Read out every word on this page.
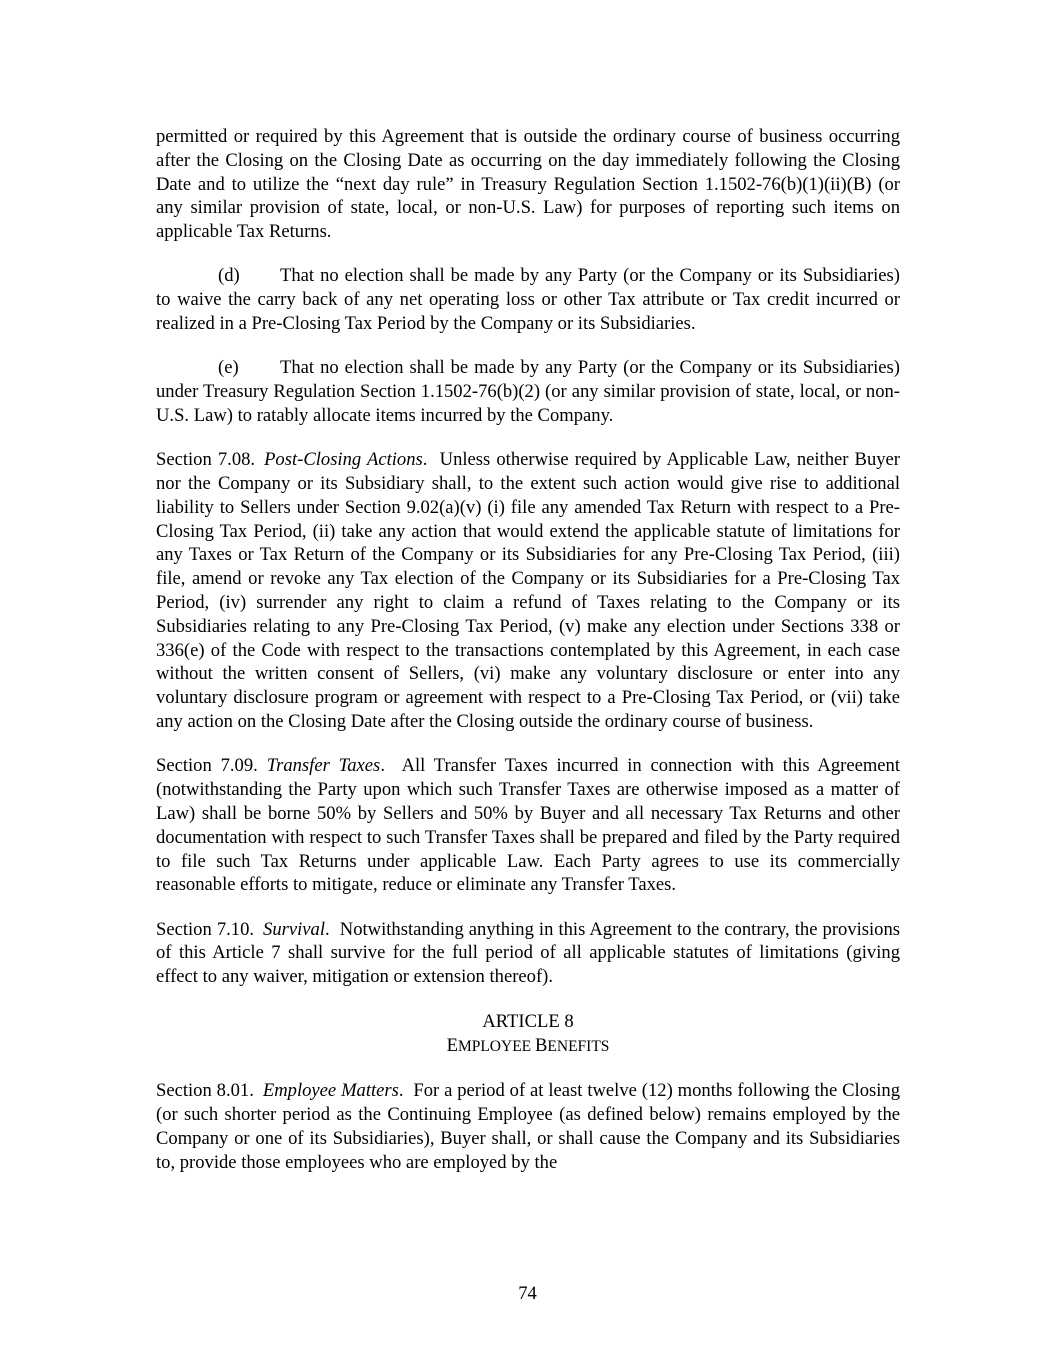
permitted or required by this Agreement that is outside the ordinary course of business occurring after the Closing on the Closing Date as occurring on the day immediately following the Closing Date and to utilize the “next day rule” in Treasury Regulation Section 1.1502-76(b)(1)(ii)(B) (or any similar provision of state, local, or non-U.S. Law) for purposes of reporting such items on applicable Tax Returns.

(d) That no election shall be made by any Party (or the Company or its Subsidiaries) to waive the carry back of any net operating loss or other Tax attribute or Tax credit incurred or realized in a Pre-Closing Tax Period by the Company or its Subsidiaries.

(e) That no election shall be made by any Party (or the Company or its Subsidiaries) under Treasury Regulation Section 1.1502-76(b)(2) (or any similar provision of state, local, or non-U.S. Law) to ratably allocate items incurred by the Company.

Section 7.08. Post-Closing Actions.  Unless otherwise required by Applicable Law, neither Buyer nor the Company or its Subsidiary shall, to the extent such action would give rise to additional liability to Sellers under Section 9.02(a)(v) (i) file any amended Tax Return with respect to a Pre-Closing Tax Period, (ii) take any action that would extend the applicable statute of limitations for any Taxes or Tax Return of the Company or its Subsidiaries for any Pre-Closing Tax Period, (iii) file, amend or revoke any Tax election of the Company or its Subsidiaries for a Pre-Closing Tax Period, (iv) surrender any right to claim a refund of Taxes relating to the Company or its Subsidiaries relating to any Pre-Closing Tax Period, (v) make any election under Sections 338 or 336(e) of the Code with respect to the transactions contemplated by this Agreement, in each case without the written consent of Sellers, (vi) make any voluntary disclosure or enter into any voluntary disclosure program or agreement with respect to a Pre-Closing Tax Period, or (vii) take any action on the Closing Date after the Closing outside the ordinary course of business.

Section 7.09. Transfer Taxes.  All Transfer Taxes incurred in connection with this Agreement (notwithstanding the Party upon which such Transfer Taxes are otherwise imposed as a matter of Law) shall be borne 50% by Sellers and 50% by Buyer and all necessary Tax Returns and other documentation with respect to such Transfer Taxes shall be prepared and filed by the Party required to file such Tax Returns under applicable Law. Each Party agrees to use its commercially reasonable efforts to mitigate, reduce or eliminate any Transfer Taxes.

Section 7.10. Survival.  Notwithstanding anything in this Agreement to the contrary, the provisions of this Article 7 shall survive for the full period of all applicable statutes of limitations (giving effect to any waiver, mitigation or extension thereof).

ARTICLE 8
EMPLOYEE BENEFITS

Section 8.01. Employee Matters.  For a period of at least twelve (12) months following the Closing (or such shorter period as the Continuing Employee (as defined below) remains employed by the Company or one of its Subsidiaries), Buyer shall, or shall cause the Company and its Subsidiaries to, provide those employees who are employed by the

74
